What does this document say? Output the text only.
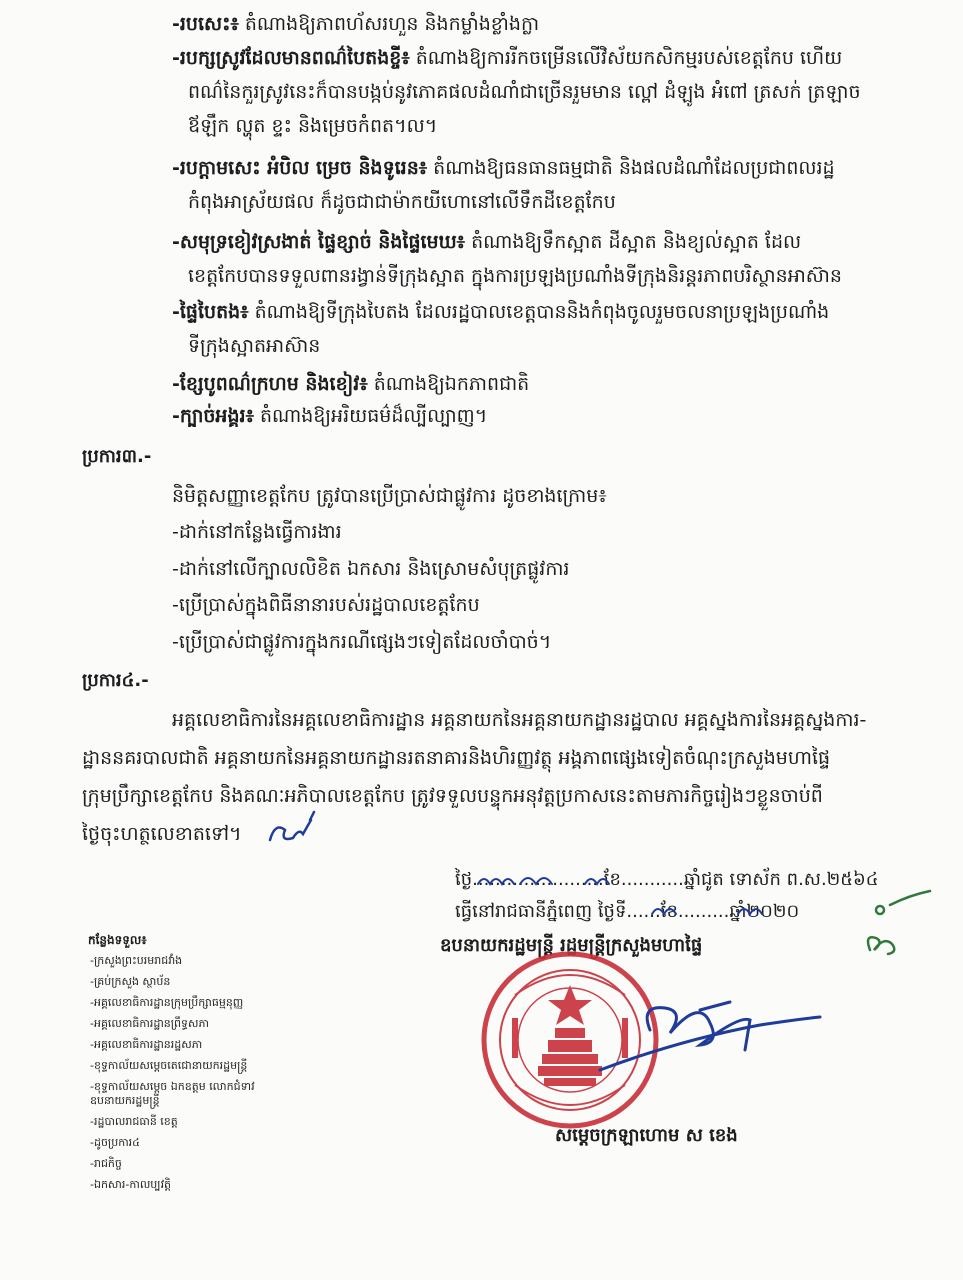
-របសេះ៖ តំណាងឱ្យភាពហ័សរហួន និងកម្លាំងខ្លាំងក្លា
-របក្សស្រូវដែលមានពណ៌បៃតងខ្ចី៖ តំណាងឱ្យការរីកចម្រើនលើវិស័យកសិកម្មរបស់ខេត្តកែប ហើយ
ពណ៌នៃកួរស្រូវនេះក៏បានបង្កប់នូវភោគផលដំណាំជាច្រើនរួមមាន ល្ពៅ ដំឡូង អំពៅ ត្រសក់ ត្រឡាច
ឪឡឹក ល្ហុត ខ្ទះ និងម្រេចកំពត។ល។
-របក្តាមសេះ អំបិល ម្រេច និងទូរេន៖ តំណាងឱ្យធនធានធម្មជាតិ និងផលដំណាំដែលប្រជាពលរដ្ឋ
កំពុងអាស្រ័យផល ក៏ដូចជាជាម៉ាកយីហោនៅលើទឹកដីខេត្តកែប
-សមុទ្រខៀវស្រងាត់ ផ្ទៃខ្សាច់ និងផ្ទៃមេឃ៖ តំណាងឱ្យទឹកស្អាត ដីស្អាត និងខ្យល់ស្អាត ដែល
ខេត្តកែបបានទទួលពានរង្វាន់ទីក្រុងស្អាត ក្នុងការប្រឡងប្រណាំងទីក្រុងនិរន្តរភាពបរិស្ថានអាស៊ាន
-ផ្ទៃបៃតង៖ តំណាងឱ្យទីក្រុងបៃតង ដែលរដ្ឋបាលខេត្តបាននិងកំពុងចូលរួមចលនាប្រឡងប្រណាំង
ទីក្រុងស្អាតអាស៊ាន
-ខ្សែបូពណ៌ក្រហម និងខៀវ៖ តំណាងឱ្យឯកភាពជាតិ
-ក្បាច់អង្គរ៖ តំណាងឱ្យអរិយធម៌ដ៏ល្បីល្បាញ។
ប្រការ៣.-
និមិត្តសញ្ញាខេត្តកែប ត្រូវបានប្រើប្រាស់ជាផ្លូវការ ដូចខាងក្រោម៖
-ដាក់នៅកន្លែងធ្វើការងារ
-ដាក់នៅលើក្បាលលិខិត ឯកសារ និងស្រោមសំបុត្រផ្លូវការ
-ប្រើប្រាស់ក្នុងពិធីនានារបស់រដ្ឋបាលខេត្តកែប
-ប្រើប្រាស់ជាផ្លូវការក្នុងករណីផ្សេងៗទៀតដែលចាំបាច់។
ប្រការ៤.-
អគ្គលេខាធិការនៃអគ្គលេខាធិការដ្ឋាន អគ្គនាយកនៃអគ្គនាយកដ្ឋានរដ្ឋបាល អគ្គស្នងការនៃអគ្គស្នងការ-
ដ្ឋាននគរបាលជាតិ អគ្គនាយកនៃអគ្គនាយកដ្ឋានរតនាគារនិងហិរញ្ញវត្ថុ អង្គភាពផ្សេងទៀតចំណុះក្រសួងមហាផ្ទៃ
ក្រុមប្រឹក្សាខេត្តកែប និងគណៈអភិបាលខេត្តកែប ត្រូវទទួលបន្ទុកអនុវត្តប្រកាសនេះតាមភារកិច្ចរៀងៗខ្លួនចាប់ពី
ថ្ងៃចុះហត្ថលេខាតទៅ។
ថ្ងៃ.......................ខែ...........ឆ្នាំជូត ទោស័ក ព.ស.២៥៦៤
ធ្វើនៅរាជធានីភ្នំពេញ ថ្ងៃទី......ខែ.........ឆ្នាំ២០២០
ឧបនាយករដ្ឋមន្ត្រី រដ្ឋមន្ត្រីក្រសួងមហាផ្ទៃ
សម្តេចក្រឡាហោម ស ខេង
កន្លែងទទួល៖
-ក្រសួងព្រះបរមរាជវាំង
-គ្រប់ក្រសួង ស្ថាប័ន
-អគ្គលេខាធិការដ្ឋានក្រុមប្រឹក្សាធម្មនុញ្ញ
-អគ្គលេខាធិការដ្ឋានព្រឹទ្ធសភា
-អគ្គលេខាធិការដ្ឋានរដ្ឋសភា
-ខុទ្ទកាល័យសម្តេចតេជោនាយករដ្ឋមន្ត្រី
-ខុទ្ទកាល័យសម្តេច ឯកឧត្តម លោកជំទាវ
ឧបនាយករដ្ឋមន្ត្រី
-រដ្ឋបាលរាជធានី ខេត្ត
-ដូចប្រការ៤
-រាជកិច្ច
-ឯកសារ-កាលប្បវត្តិ
